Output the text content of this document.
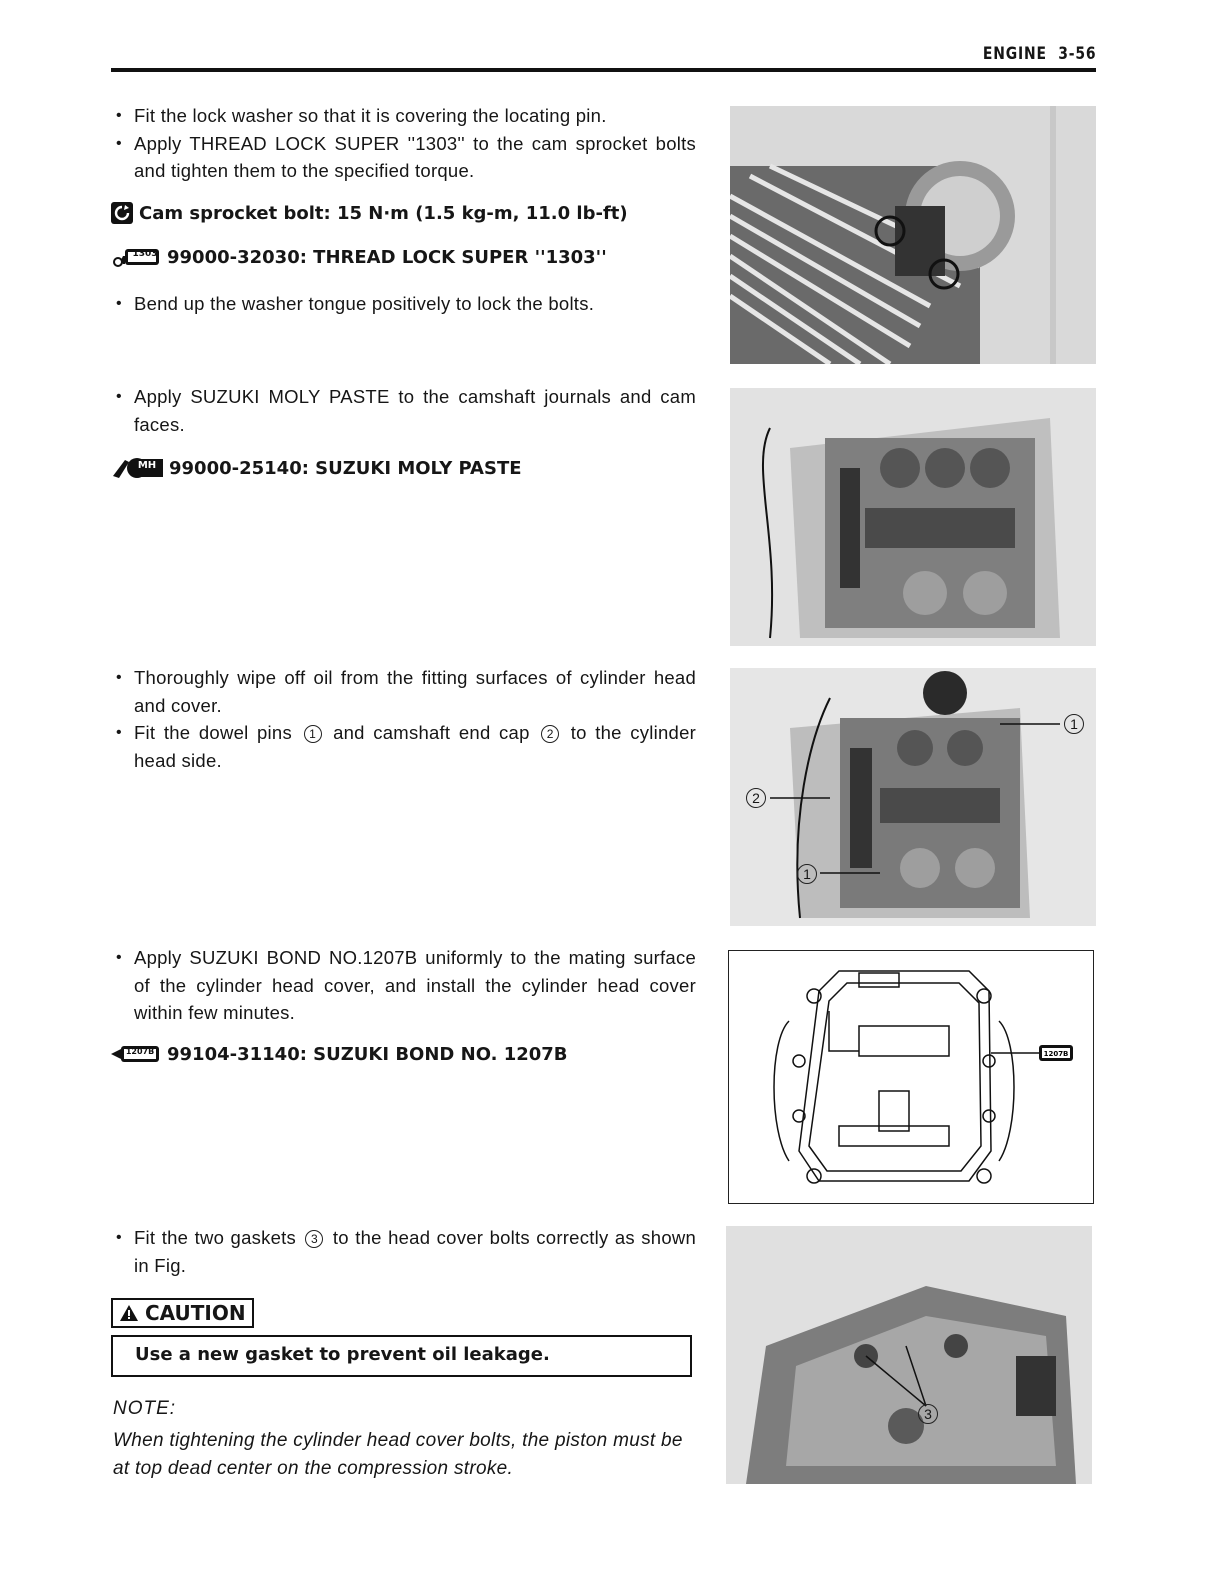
ENGINE 3-56
• Fit the lock washer so that it is covering the locating pin.
• Apply THREAD LOCK SUPER ''1303'' to the cam sprocket bolts and tighten them to the specified torque.
Cam sprocket bolt: 15 N·m (1.5 kg-m, 11.0 lb-ft)
1303 99000-32030: THREAD LOCK SUPER ''1303''
• Bend up the washer tongue positively to lock the bolts.
• Apply SUZUKI MOLY PASTE to the camshaft journals and cam faces.
MH 99000-25140: SUZUKI MOLY PASTE
• Thoroughly wipe off oil from the fitting surfaces of cylinder head and cover.
• Fit the dowel pins 1 and camshaft end cap 2 to the cylinder head side.
1
2
1
• Apply SUZUKI BOND NO.1207B uniformly to the mating surface of the cylinder head cover, and install the cylinder head cover within few minutes.
1207B 99104-31140: SUZUKI BOND NO. 1207B	1207B
• Fit the two gaskets 3 to the head cover bolts correctly as shown in Fig.
CAUTION
Use a new gasket to prevent oil leakage.
NOTE:
When tightening the cylinder head cover bolts, the piston must be at top dead center on the compression stroke.
3
